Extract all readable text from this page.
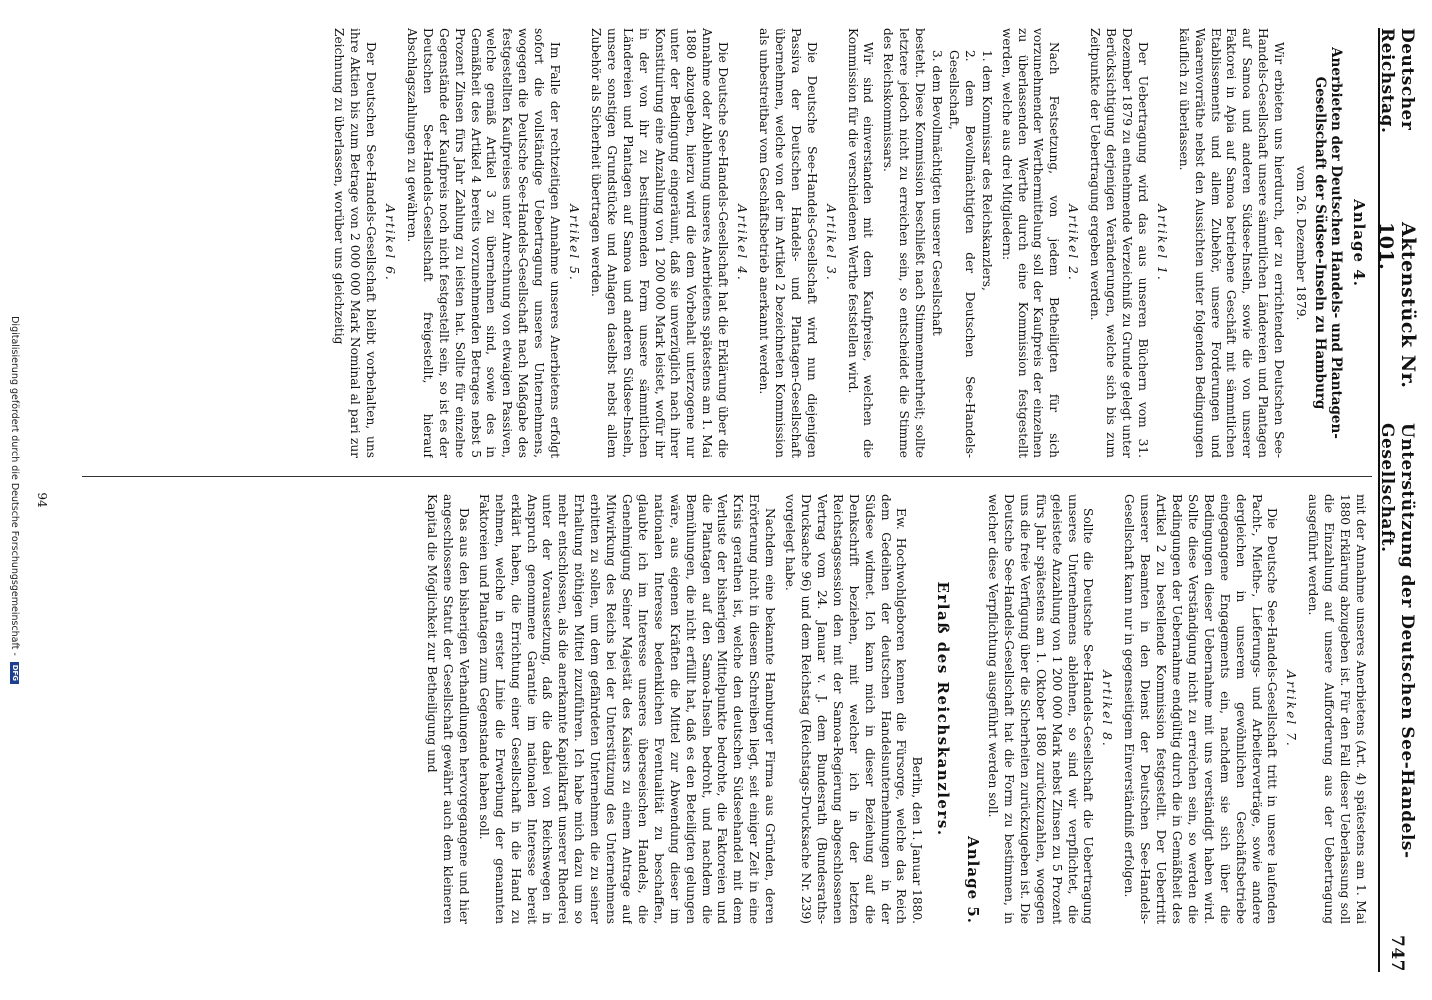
Deutscher Reichstag.
Aktenstück Nr. 101.
Unterstützung der Deutschen See-Handels-Gesellschaft.
747
Anlage 4.
Anerbieten der Deutschen Handels- und Plantagen-Gesellschaft der Südsee-Inseln zu Hamburg
vom 26. Dezember 1879.

Wir erbieten uns hierdurch, der zu errichtenden Deutschen See-Handels-Gesellschaft unsere sämmtlichen Ländereien und Plantagen auf Samoa und anderen Südsee-Inseln, sowie die von unserer Faktorei in Apia auf Samoa betriebene Geschäft mit sämmtlichen Etablissements und allem Zubehör, unsere Forderungen und Waarenvorräthe nebst den Aussichten unter folgenden Bedingungen käuflich zu überlassen.

Artikel 1.

Der Uebertragung wird das aus unseren Büchern vom 31. Dezember 1879 zu entnehmende Verzeichniß zu Grunde gelegt unter Berücksichtigung derjenigen Veränderungen, welche sich bis zum Zeitpunkte der Uebertragung ergeben werden.

Artikel 2.

Nach Festsetzung, von jedem Betheiligten für sich vorzunehmender Werthermittelung soll der Kaufpreis der einzelnen zu überlassenden Werthe durch eine Kommission festgestellt werden, welche aus drei Mitgliedern:

1. dem Kommissar des Reichskanzlers,
2. dem Bevollmächtigten der Deutschen See-Handels-Gesellschaft,
3. dem Bevollmächtigten unserer Gesellschaft

besteht. Diese Kommission beschließt nach Stimmenmehrheit; sollte letztere jedoch nicht zu erreichen sein, so entscheidet die Stimme des Reichskommissars.

Wir sind einverstanden mit dem Kaufpreise, welchen die Kommission für die verschiedenen Werthe feststellen wird.

Artikel 3.

Die Deutsche See-Handels-Gesellschaft wird nun diejenigen Passiva der Deutschen Handels- und Plantagen-Gesellschaft übernehmen, welche von der im Artikel 2 bezeichneten Kommission als unbestreitbar vom Geschäftsbetrieb anerkannt werden.

Artikel 4.

Die Deutsche See-Handels-Gesellschaft hat die Erklärung über die Annahme oder Ablehnung unseres Anerbietens spätestens am 1. Mai 1880 abzugeben, hierzu wird die dem Vorbehalt unterzogene nur unter der Bedingung eingeräumt, daß sie unverzüglich nach ihrer Konstituirung eine Anzahlung von 1 200 000 Mark leistet, wofür ihr in der von ihr zu bestimmenden Form unsere sämmtlichen Ländereien und Plantagen auf Samoa und anderen Südsee-Inseln, unsere sonstigen Grundstücke und Anlagen daselbst nebst allem Zubehör als Sicherheit übertragen werden.

Artikel 5.

Im Falle der rechtzeitigen Annahme unseres Anerbietens erfolgt sofort die vollständige Uebertragung unseres Unternehmens, wogegen die Deutsche See-Handels-Gesellschaft nach Maßgabe des festgestellten Kaufpreises unter Anrechnung von etwaigen Passiven, welche gemäß Artikel 3 zu übernehmen sind, sowie des in Gemäßheit des Artikel 4 bereits vorzunehmenden Betrages nebst 5 Prozent Zinsen fürs Jahr Zahlung zu leisten hat. Sollte für einzelne Gegenstände der Kaufpreis noch nicht festgestellt sein, so ist es der Deutschen See-Handels-Gesellschaft freigestellt, hierauf Abschlagszahlungen zu gewähren.

Artikel 6.

Der Deutschen See-Handels-Gesellschaft bleibt vorbehalten, uns ihre Aktien bis zum Betrage von 2 000 000 Mark Nominal al pari zur Zeichnung zu überlassen, worüber uns gleichzeitig

mit der Annahme unseres Anerbietens (Art. 4) spätestens am 1. Mai 1880 Erklärung abzugeben ist. Für den Fall dieser Ueberlassung soll die Einzahlung auf unsere Aufforderung aus der Uebertragung ausgeführt werden.

Artikel 7.

Die Deutsche See-Handels-Gesellschaft tritt in unsere laufenden Pacht-, Miethe-, Lieferungs- und Arbeiterverträge, sowie andere dergleichen in unserem gewöhnlichen Geschäftsbetriebe eingegangene Engagements ein, nachdem sie sich über die Bedingungen dieser Uebernahme mit uns verständigt haben wird. Sollte diese Verständigung nicht zu erreichen sein, so werden die Bedingungen der Uebernahme endgültig durch die in Gemäßheit des Artikel 2 zu bestellende Kommission festgestellt. Der Uebertritt unserer Beamten in den Dienst der Deutschen See-Handels-Gesellschaft kann nur in gegenseitigem Einverständniß erfolgen.

Artikel 8.

Sollte die Deutsche See-Handels-Gesellschaft die Uebertragung unseres Unternehmens ablehnen, so sind wir verpflichtet, die geleistete Anzahlung von 1 200 000 Mark nebst Zinsen zu 5 Prozent fürs Jahr spätestens am 1. Oktober 1880 zurückzuzahlen, wogegen uns die freie Verfügung über die Sicherheiten zurückzugeben ist. Die Deutsche See-Handels-Gesellschaft hat die Form zu bestimmen, in welcher diese Verpflichtung ausgeführt werden soll.

Anlage 5.
Erlaß des Reichskanzlers.
Berlin, den 1. Januar 1880.

Ew. Hochwohlgeboren kennen die Fürsorge, welche das Reich dem Gedeihen der deutschen Handelsunternehmungen in der Südsee widmet. Ich kann mich in dieser Beziehung auf die Denkschrift beziehen, mit welcher ich in der letzten Reichstagssession den mit der Samoa-Regierung abgeschlossenen Vertrag vom 24. Januar v. J. dem Bundesrath (Bundesraths-Drucksache 96) und dem Reichstag (Reichstags-Drucksache Nr. 239) vorgelegt habe.

Nachdem eine bekannte Hamburger Firma aus Gründen, deren Erörterung nicht in diesem Schreiben liegt, seit einiger Zeit in eine Krisis gerathen ist, welche den deutschen Südseehandel mit dem Verluste der bisherigen Mittelpunkte bedrohte, die Faktoreien und die Plantagen auf den Samoa-Inseln bedroht, und nachdem die Bemühungen, die nicht erfüllt hat, daß es den Beteiligten gelungen wäre, aus eigenen Kräften die Mittel zur Abwendung dieser im nationalen Interesse bedenklichen Eventualität zu beschaffen, glaubte ich im Interesse unseres überseeischen Handels, die Genehmigung Seiner Majestät des Kaisers zu einem Antrage auf Mitwirkung des Reichs bei der Unterstützung des Unternehmens erbitten zu sollen, um dem gefährdeten Unternehmen die zu seiner Erhaltung nöthigen Mittel zuzuführen. Ich habe mich dazu um so mehr entschlossen, als die anerkannte Kapitalkraft unserer Rhederei unter der Voraussetzung, daß die dabei von Reichswegen in Anspruch genommene Garantie im nationalen Interesse bereit erklärt haben, die Errichtung einer Gesellschaft in die Hand zu nehmen, welche in erster Linie die Erwerbung der genannten Faktoreien und Plantagen zum Gegenstande haben soll.

Das aus den bisherigen Verhandlungen hervorgegangene und hier angeschlossene Statut der Gesellschaft gewährt auch dem kleineren Kapital die Möglichkeit zur Betheiligung und

94
Digitalisierung gefördert durch die Deutsche Forschungsgemeinschaft - DFG
